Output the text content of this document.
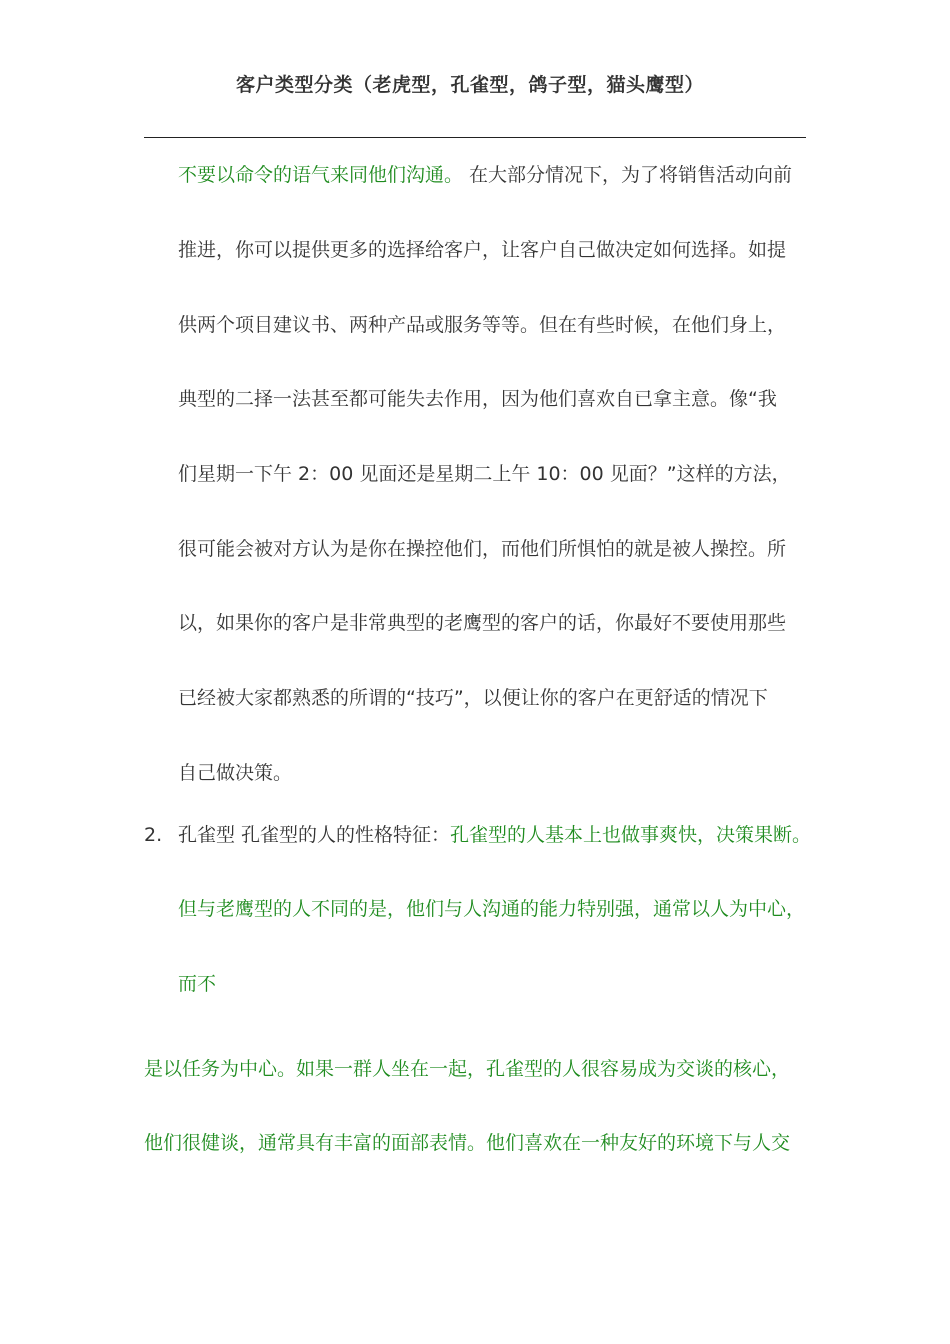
客户类型分类（老虎型，孔雀型，鸽子型，猫头鹰型）
不要以命令的语气来同他们沟通。 在大部分情况下，为了将销售活动向前
推进，你可以提供更多的选择给客户，让客户自己做决定如何选择。如提
供两个项目建议书、两种产品或服务等等。但在有些时候，在他们身上，
典型的二择一法甚至都可能失去作用，因为他们喜欢自已拿主意。像“我
们星期一下午 2：00 见面还是星期二上午 10：00 见面？”这样的方法，
很可能会被对方认为是你在操控他们，而他们所惧怕的就是被人操控。所
以，如果你的客户是非常典型的老鹰型的客户的话，你最好不要使用那些
已经被大家都熟悉的所谓的“技巧”，以便让你的客户在更舒适的情况下
自己做决策。
2. 孔雀型 孔雀型的人的性格特征：孔雀型的人基本上也做事爽快，决策果断。
但与老鹰型的人不同的是，他们与人沟通的能力特别强，通常以人为中心，
而不
是以任务为中心。如果一群人坐在一起，孔雀型的人很容易成为交谈的核心，
他们很健谈，通常具有丰富的面部表情。他们喜欢在一种友好的环境下与人交
